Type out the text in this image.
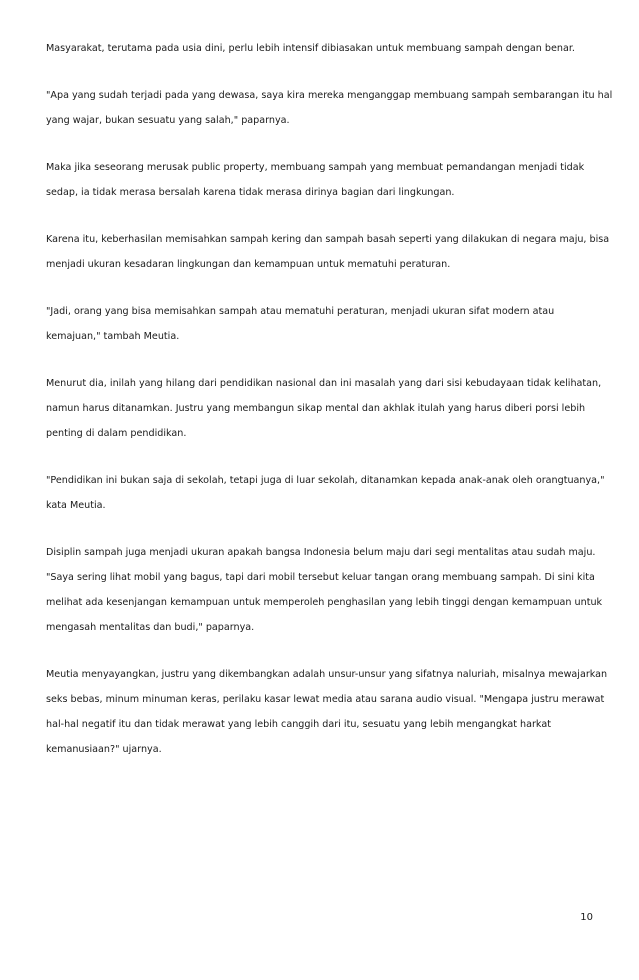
Masyarakat, terutama pada usia dini, perlu lebih intensif dibiasakan untuk membuang sampah dengan benar.

"Apa yang sudah terjadi pada yang dewasa, saya kira mereka menganggap membuang sampah sembarangan itu hal
yang wajar, bukan sesuatu yang salah," paparnya.

Maka jika seseorang merusak public property, membuang sampah yang membuat pemandangan menjadi tidak
sedap, ia tidak merasa bersalah karena tidak merasa dirinya bagian dari lingkungan.

Karena itu, keberhasilan memisahkan sampah kering dan sampah basah seperti yang dilakukan di negara maju, bisa
menjadi ukuran kesadaran lingkungan dan kemampuan untuk mematuhi peraturan.

"Jadi, orang yang bisa memisahkan sampah atau mematuhi peraturan, menjadi ukuran sifat modern atau
kemajuan," tambah Meutia.

Menurut dia, inilah yang hilang dari pendidikan nasional dan ini masalah yang dari sisi kebudayaan tidak kelihatan,
namun harus ditanamkan. Justru yang membangun sikap mental dan akhlak itulah yang harus diberi porsi lebih
penting di dalam pendidikan.

"Pendidikan ini bukan saja di sekolah, tetapi juga di luar sekolah, ditanamkan kepada anak-anak oleh orangtuanya,"
kata Meutia.

Disiplin sampah juga menjadi ukuran apakah bangsa Indonesia belum maju dari segi mentalitas atau sudah maju.
"Saya sering lihat mobil yang bagus, tapi dari mobil tersebut keluar tangan orang membuang sampah. Di sini kita
melihat ada kesenjangan kemampuan untuk memperoleh penghasilan yang lebih tinggi dengan kemampuan untuk
mengasah mentalitas dan budi," paparnya.

Meutia menyayangkan, justru yang dikembangkan adalah unsur-unsur yang sifatnya naluriah, misalnya mewajarkan
seks bebas, minum minuman keras, perilaku kasar lewat media atau sarana audio visual. "Mengapa justru merawat
hal-hal negatif itu dan tidak merawat yang lebih canggih dari itu, sesuatu yang lebih mengangkat harkat
kemanusiaan?" ujarnya.

10
